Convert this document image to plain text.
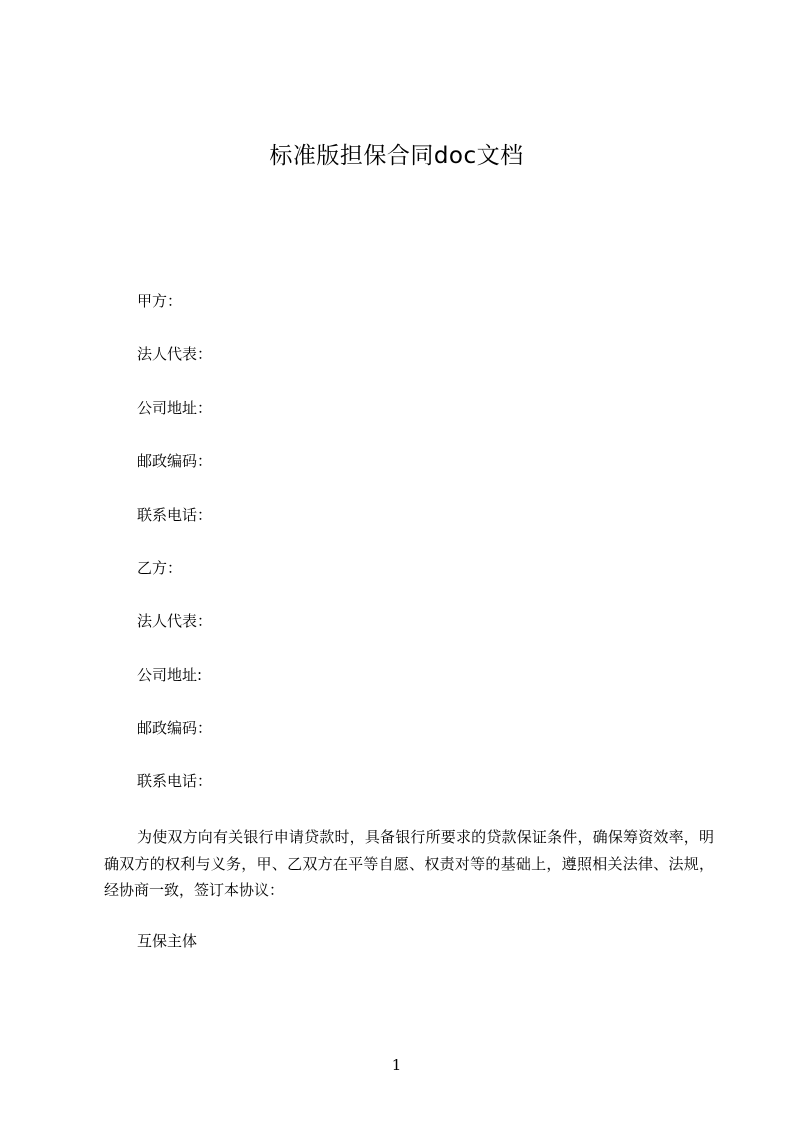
标准版担保合同doc文档

甲方：

法人代表：

公司地址：

邮政编码：

联系电话：

乙方：

法人代表：

公司地址:

邮政编码：

联系电话：

为使双方向有关银行申请贷款时，具备银行所要求的贷款保证条件，确保筹资效率，明确双方的权利与义务，甲、乙双方在平等自愿、权责对等的基础上，遵照相关法律、法规，经协商一致，签订本协议：

互保主体

1
